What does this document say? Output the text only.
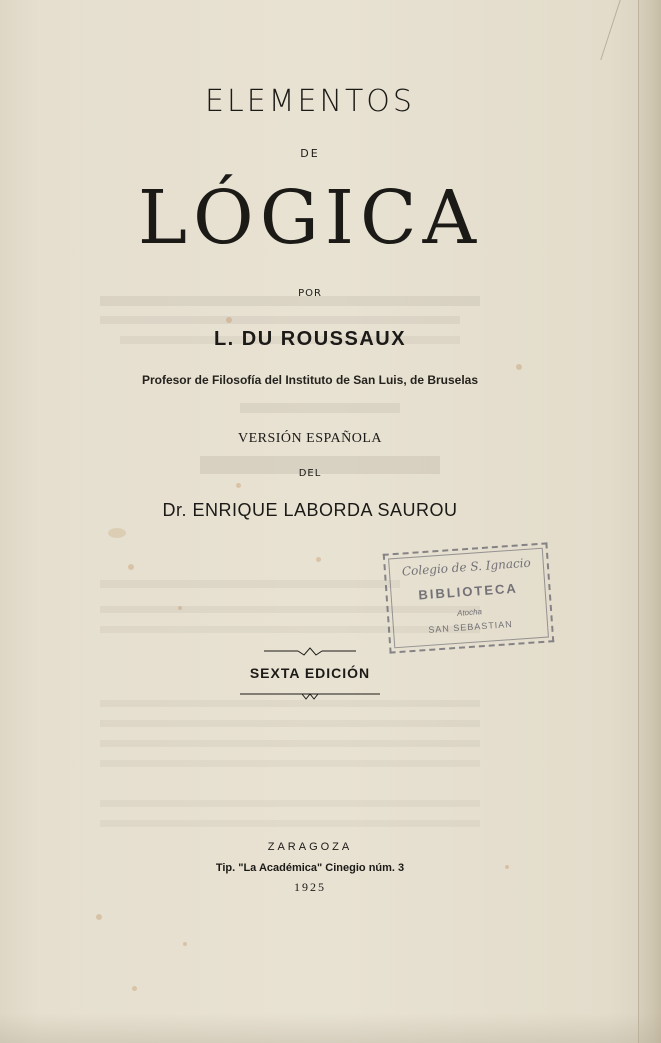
ELEMENTOS
DE
LÓGICA
POR
L. DU ROUSSAUX
Profesor de Filosofía del Instituto de San Luis, de Bruselas
VERSIÓN ESPAÑOLA
DEL
Dr. ENRIQUE LABORDA SAUROU
SEXTA EDICIÓN
ZARAGOZA
Tip. "La Académica" Cinegio núm. 3
1925
Colegio de S. Ignacio
BIBLIOTECA
Atocha
SAN SEBASTIAN
